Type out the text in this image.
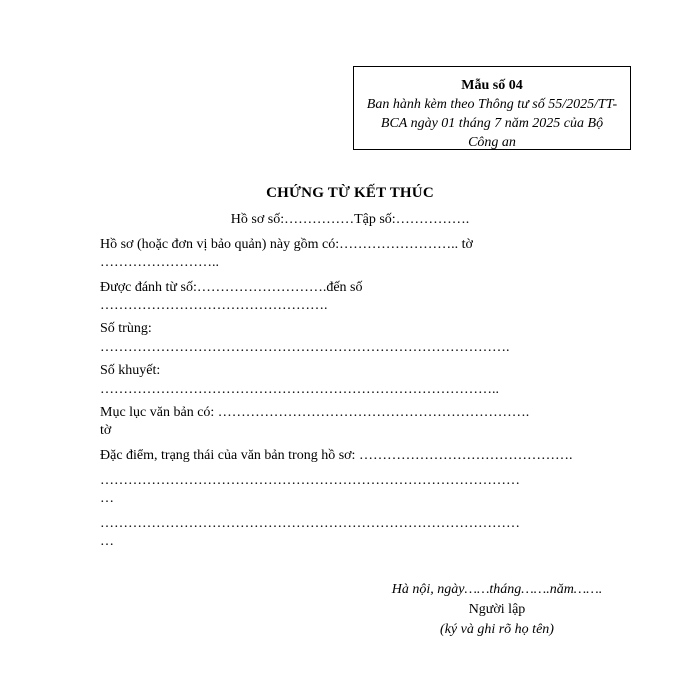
Mẫu số 04
Ban hành kèm theo Thông tư số 55/2025/TT-
BCA ngày 01 tháng 7 năm 2025 của Bộ
Công an
CHỨNG TỪ KẾT THÚC
Hồ sơ số:……………Tập số:…………….
Hồ sơ (hoặc đơn vị bảo quản) này gồm có:…………………….. tờ
……………………..
Được đánh từ số:……………………….đến số
………………………………………….
Số trùng:
…………………………………………………………………………….
Số khuyết:
…………………………………………………………………………..
Mục lục văn bản có: ………………………………………………………….
tờ
Đặc điểm, trạng thái của văn bản trong hồ sơ: ……………………………………….
………………………………………………………………………………
…
………………………………………………………………………………
…
Hà nội, ngày……tháng…….năm…….
Người lập
(ký và ghi rõ họ tên)
